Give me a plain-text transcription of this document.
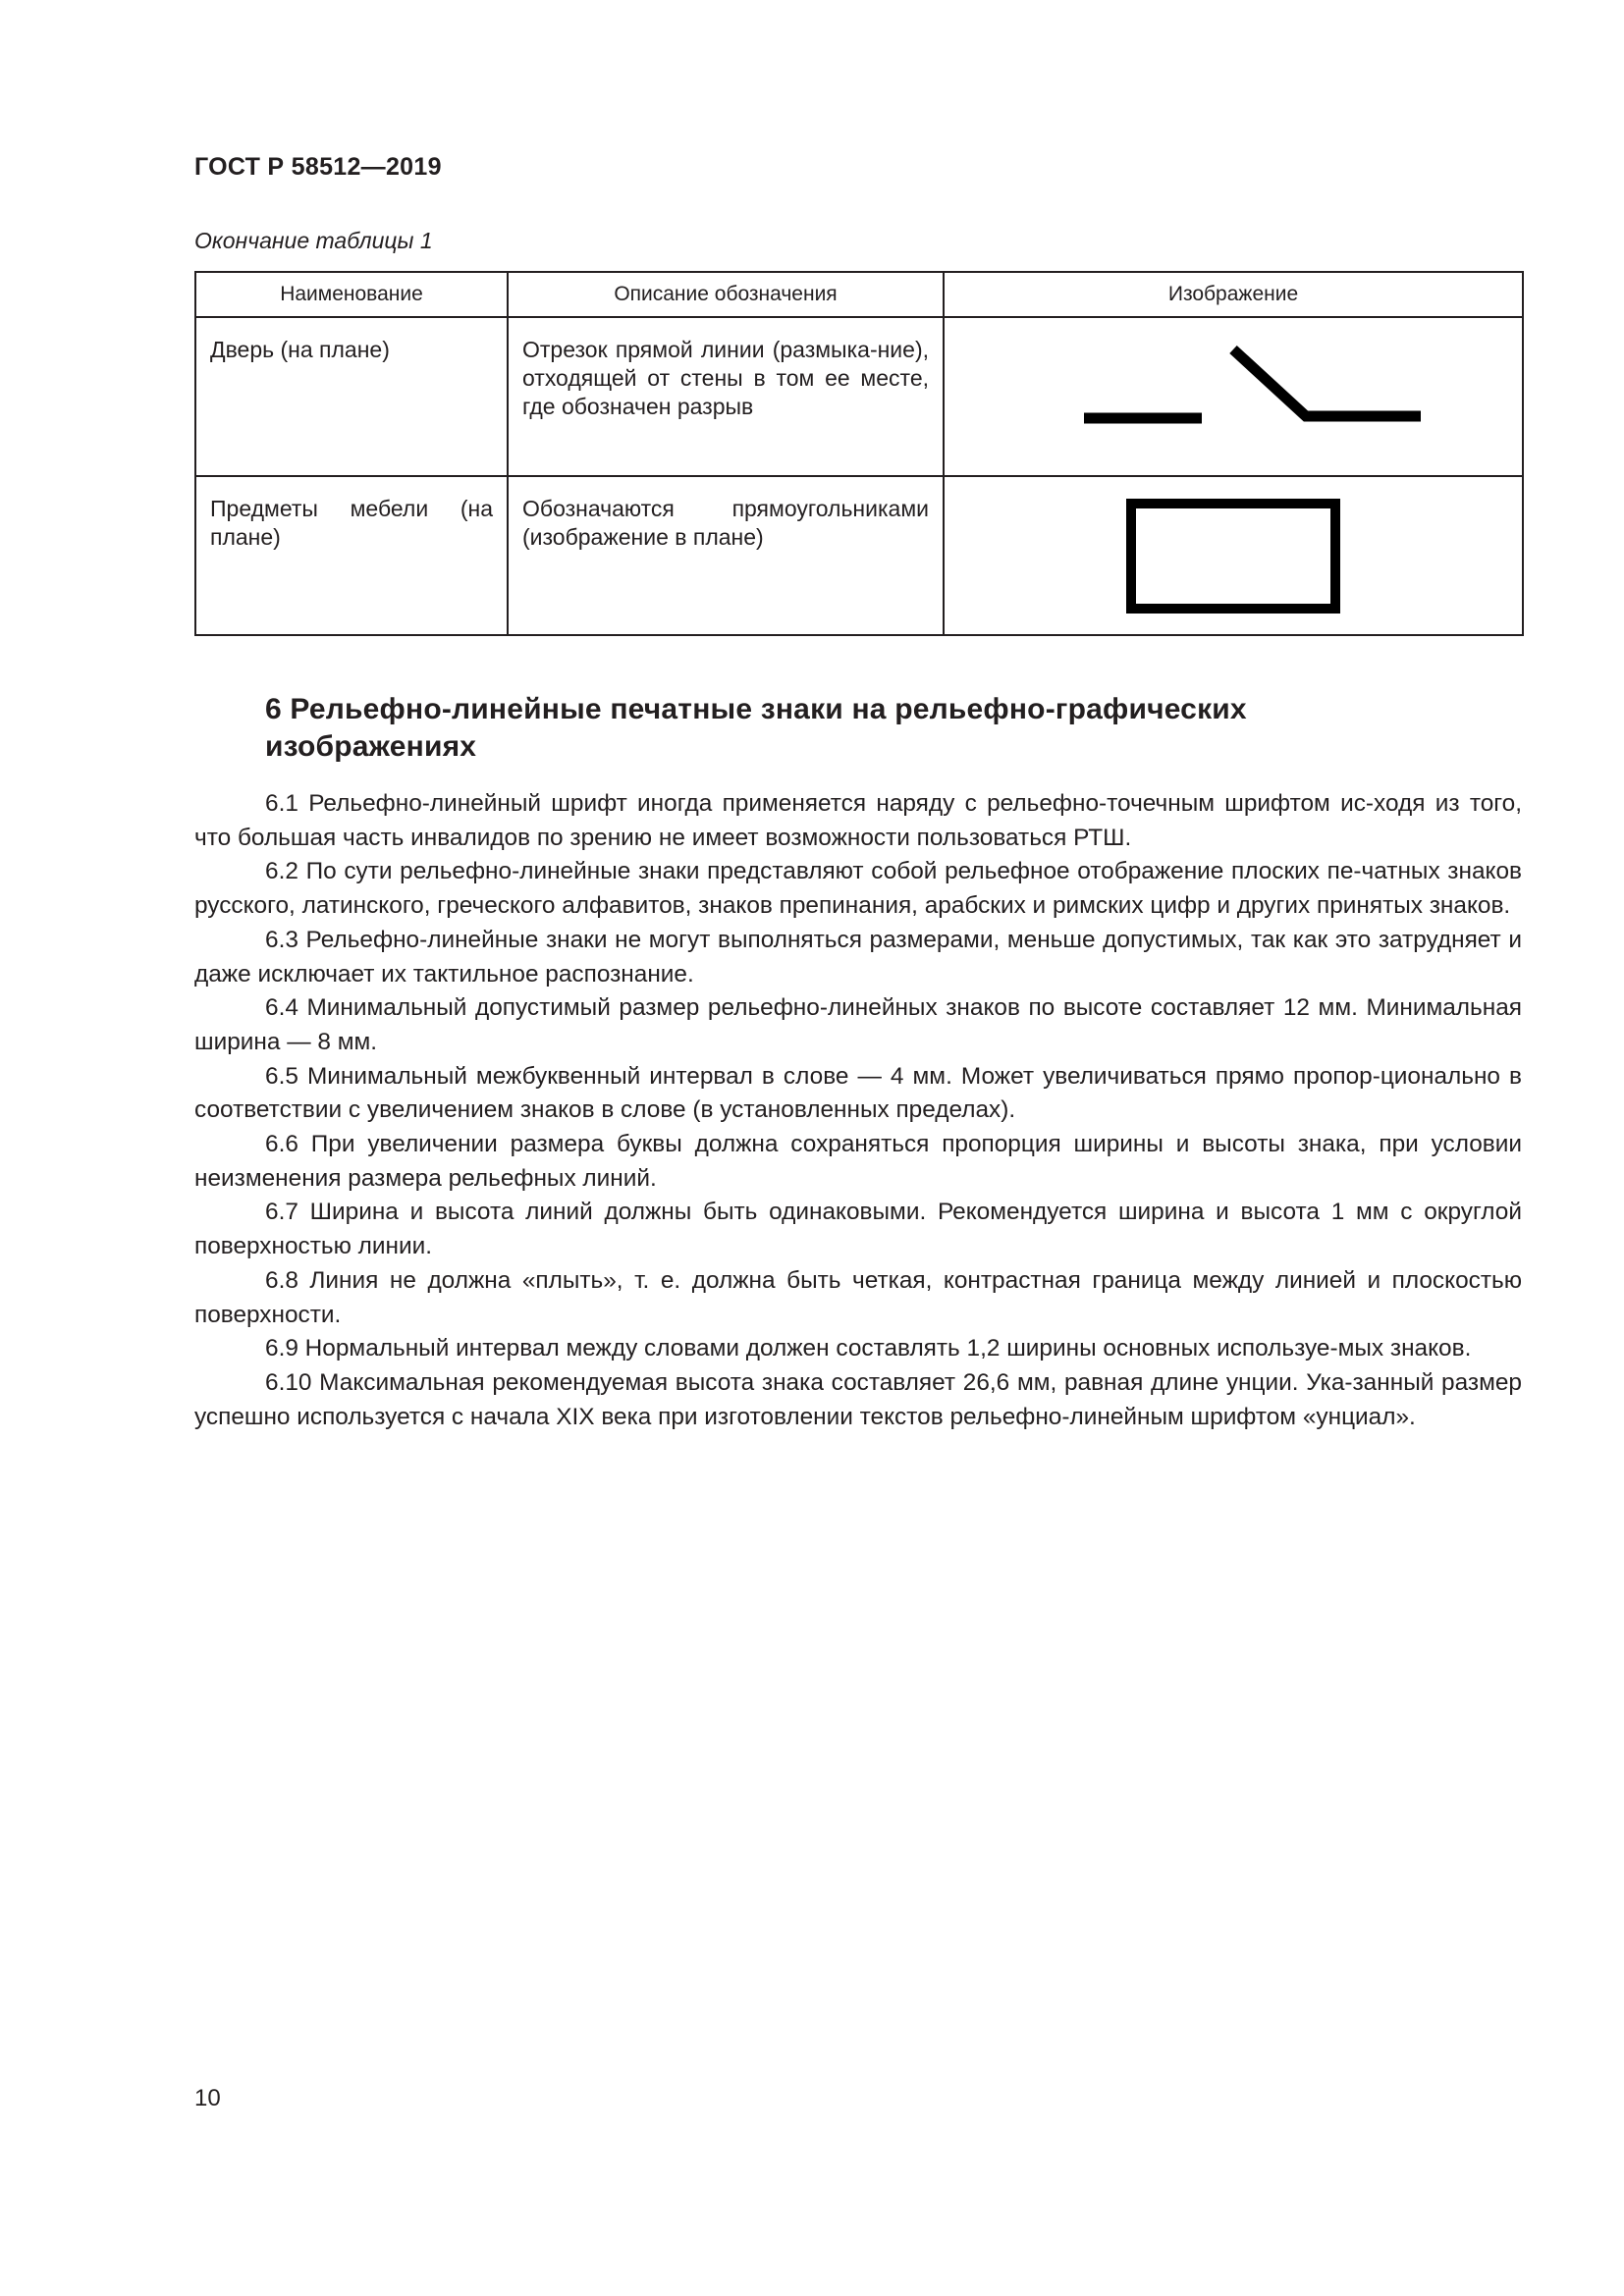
ГОСТ Р 58512—2019
Окончание таблицы 1
Наименование	Описание обозначения	Изображение
Дверь (на плане)	Отрезок прямой линии (размыка-ние), отходящей от стены в том ее месте, где обозначен разрыв	

Предметы мебели (на плане)	Обозначаются прямоугольниками (изображение в плане)	
6 Рельефно-линейные печатные знаки на рельефно-графических изображениях

6.1 Рельефно-линейный шрифт иногда применяется наряду с рельефно-точечным шрифтом ис-ходя из того, что большая часть инвалидов по зрению не имеет возможности пользоваться РТШ.

6.2 По сути рельефно-линейные знаки представляют собой рельефное отображение плоских пе-чатных знаков русского, латинского, греческого алфавитов, знаков препинания, арабских и римских цифр и других принятых знаков.

6.3 Рельефно-линейные знаки не могут выполняться размерами, меньше допустимых, так как это затрудняет и даже исключает их тактильное распознание.

6.4 Минимальный допустимый размер рельефно-линейных знаков по высоте составляет 12 мм. Минимальная ширина — 8 мм.

6.5 Минимальный межбуквенный интервал в слове — 4 мм. Может увеличиваться прямо пропор-ционально в соответствии с увеличением знаков в слове (в установленных пределах).

6.6 При увеличении размера буквы должна сохраняться пропорция ширины и высоты знака, при условии неизменения размера рельефных линий.

6.7 Ширина и высота линий должны быть одинаковыми. Рекомендуется ширина и высота 1 мм с округлой поверхностью линии.

6.8 Линия не должна «плыть», т. е. должна быть четкая, контрастная граница между линией и плоскостью поверхности.

6.9 Нормальный интервал между словами должен составлять 1,2 ширины основных используе-мых знаков.

6.10 Максимальная рекомендуемая высота знака составляет 26,6 мм, равная длине унции. Ука-занный размер успешно используется с начала XIX века при изготовлении текстов рельефно-линейным шрифтом «унциал».

10
